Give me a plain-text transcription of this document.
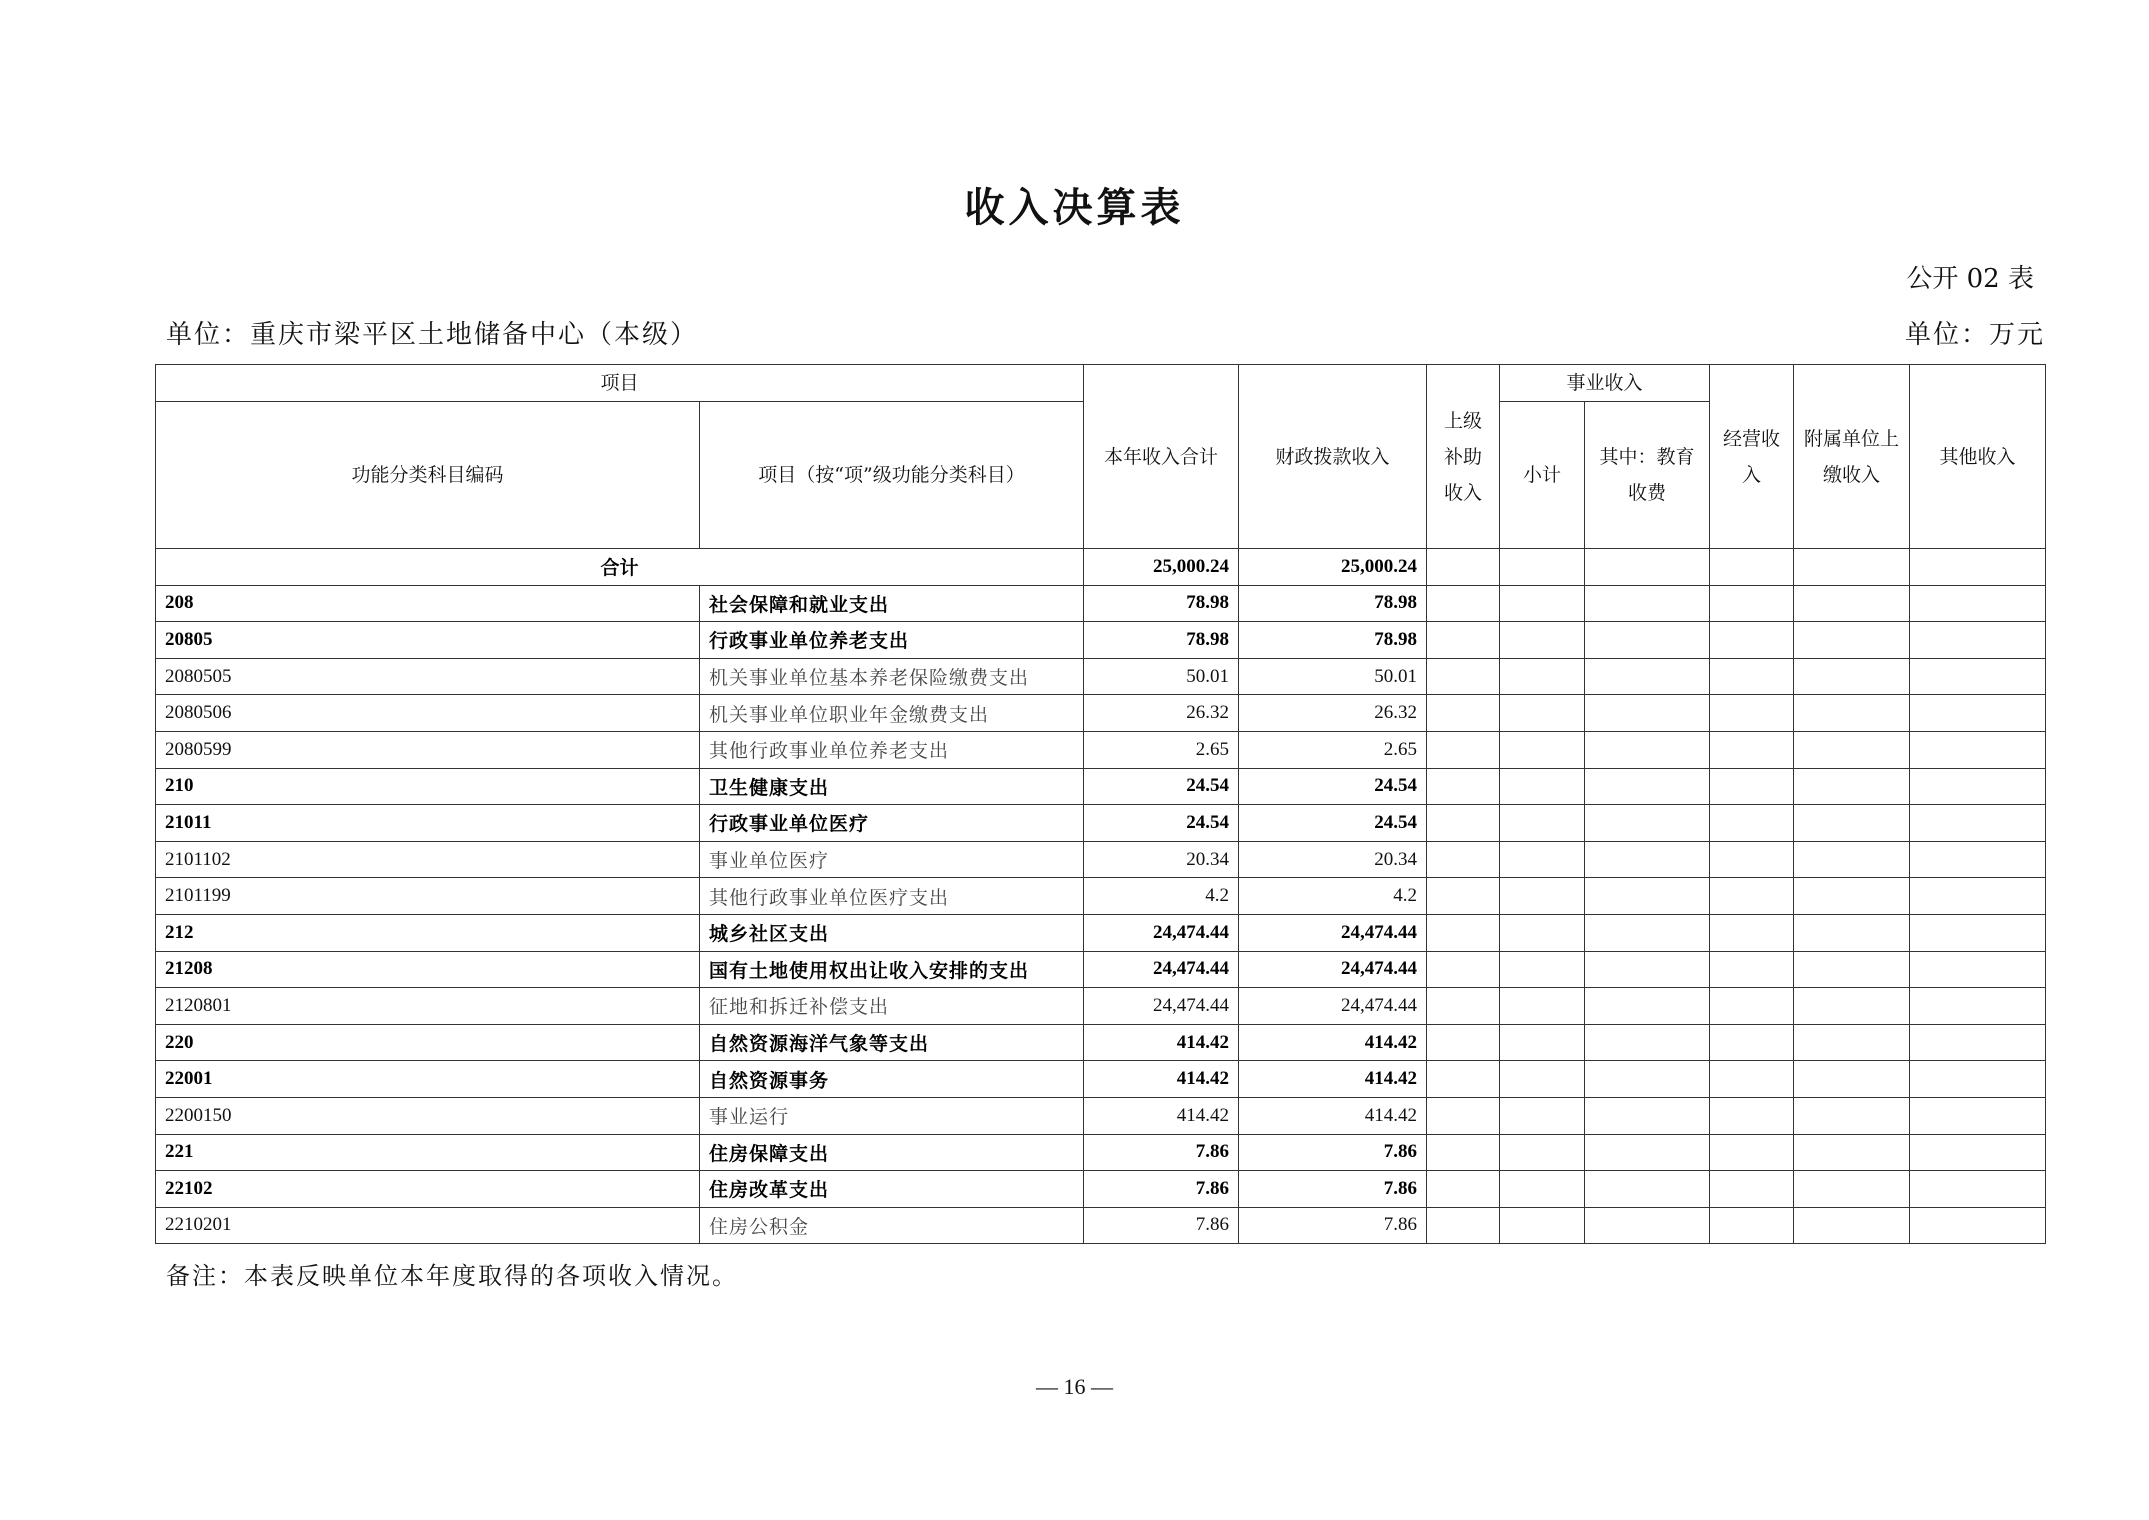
收入决算表
公开 02 表
单位：重庆市梁平区土地储备中心（本级）	单位：万元
项目		本年收入合计	财政拨款收入	上级补助收入	事业收入		经营收入	附属单位上缴收入	其他收入
功能分类科目编码	项目（按“项”级功能分类科目）				小计	其中：教育收费			
合计		25,000.24	25,000.24						
208	社会保障和就业支出	78.98	78.98						
20805	行政事业单位养老支出	78.98	78.98						
2080505	机关事业单位基本养老保险缴费支出	50.01	50.01						
2080506	机关事业单位职业年金缴费支出	26.32	26.32						
2080599	其他行政事业单位养老支出	2.65	2.65						
210	卫生健康支出	24.54	24.54						
21011	行政事业单位医疗	24.54	24.54						
2101102	事业单位医疗	20.34	20.34						
2101199	其他行政事业单位医疗支出	4.2	4.2						
212	城乡社区支出	24,474.44	24,474.44						
21208	国有土地使用权出让收入安排的支出	24,474.44	24,474.44						
2120801	征地和拆迁补偿支出	24,474.44	24,474.44						
220	自然资源海洋气象等支出	414.42	414.42						
22001	自然资源事务	414.42	414.42						
2200150	事业运行	414.42	414.42						
221	住房保障支出	7.86	7.86						
22102	住房改革支出	7.86	7.86						
2210201	住房公积金	7.86	7.86						
备注：本表反映单位本年度取得的各项收入情况。
— 16 —
